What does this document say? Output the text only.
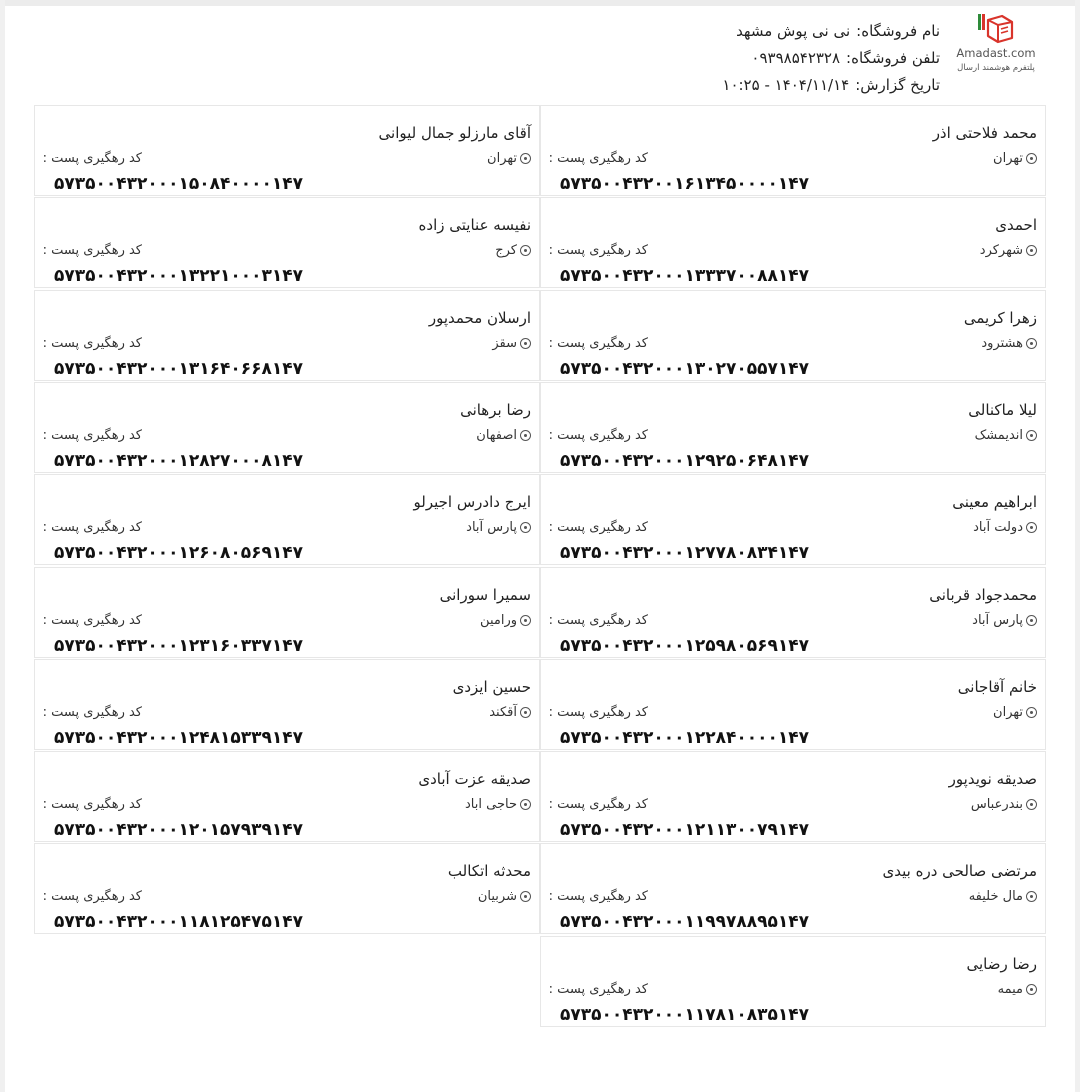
Amadast.com
پلتفرم هوشمند ارسال
نام فروشگاه:نی نی پوش مشهد
تلفن فروشگاه:۰۹۳۹۸۵۴۲۳۲۸
تاریخ گزارش:۱۴۰۴/۱۱/۱۴ - ۱۰:۲۵
محمد فلاحتی اذر
تهران
کد رهگیری پست :
۵۷۳۵۰۰۴۳۲۰۰۱۶۱۳۴۵۰۰۰۰۱۴۷
آقای مارزلو جمال لیوانی
تهران
کد رهگیری پست :
۵۷۳۵۰۰۴۳۲۰۰۰۱۵۰۸۴۰۰۰۰۱۴۷
احمدی
شهرکرد
کد رهگیری پست :
۵۷۳۵۰۰۴۳۲۰۰۰۱۳۳۳۷۰۰۸۸۱۴۷
نفیسه عنایتی زاده
کرج
کد رهگیری پست :
۵۷۳۵۰۰۴۳۲۰۰۰۱۳۲۲۱۰۰۰۳۱۴۷
زهرا کریمی
هشترود
کد رهگیری پست :
۵۷۳۵۰۰۴۳۲۰۰۰۱۳۰۲۷۰۵۵۷۱۴۷
ارسلان محمدپور
سقز
کد رهگیری پست :
۵۷۳۵۰۰۴۳۲۰۰۰۱۳۱۶۴۰۶۶۸۱۴۷
لیلا ماکنالی
اندیمشک
کد رهگیری پست :
۵۷۳۵۰۰۴۳۲۰۰۰۱۲۹۲۵۰۶۴۸۱۴۷
رضا برهانی
اصفهان
کد رهگیری پست :
۵۷۳۵۰۰۴۳۲۰۰۰۱۲۸۲۷۰۰۰۸۱۴۷
ابراهیم معینی
دولت آباد
کد رهگیری پست :
۵۷۳۵۰۰۴۳۲۰۰۰۱۲۷۷۸۰۸۳۴۱۴۷
ایرج دادرس اجیرلو
پارس آباد
کد رهگیری پست :
۵۷۳۵۰۰۴۳۲۰۰۰۱۲۶۰۸۰۵۶۹۱۴۷
محمدجواد قربانی
پارس آباد
کد رهگیری پست :
۵۷۳۵۰۰۴۳۲۰۰۰۱۲۵۹۸۰۵۶۹۱۴۷
سمیرا سورانی
ورامین
کد رهگیری پست :
۵۷۳۵۰۰۴۳۲۰۰۰۱۲۳۱۶۰۳۳۷۱۴۷
خانم آقاجانی
تهران
کد رهگیری پست :
۵۷۳۵۰۰۴۳۲۰۰۰۱۲۲۸۴۰۰۰۰۱۴۷
حسین ایزدی
آقکند
کد رهگیری پست :
۵۷۳۵۰۰۴۳۲۰۰۰۱۲۴۸۱۵۳۳۹۱۴۷
صدیقه نویدپور
بندرعباس
کد رهگیری پست :
۵۷۳۵۰۰۴۳۲۰۰۰۱۲۱۱۳۰۰۷۹۱۴۷
صدیقه عزت آبادی
حاجی اباد
کد رهگیری پست :
۵۷۳۵۰۰۴۳۲۰۰۰۱۲۰۱۵۷۹۳۹۱۴۷
مرتضی صالحی دره بیدی
مال خلیفه
کد رهگیری پست :
۵۷۳۵۰۰۴۳۲۰۰۰۱۱۹۹۷۸۸۹۵۱۴۷
محدثه اتکالب
شربیان
کد رهگیری پست :
۵۷۳۵۰۰۴۳۲۰۰۰۱۱۸۱۲۵۴۷۵۱۴۷
رضا رضایی
میمه
کد رهگیری پست :
۵۷۳۵۰۰۴۳۲۰۰۰۱۱۷۸۱۰۸۳۵۱۴۷
